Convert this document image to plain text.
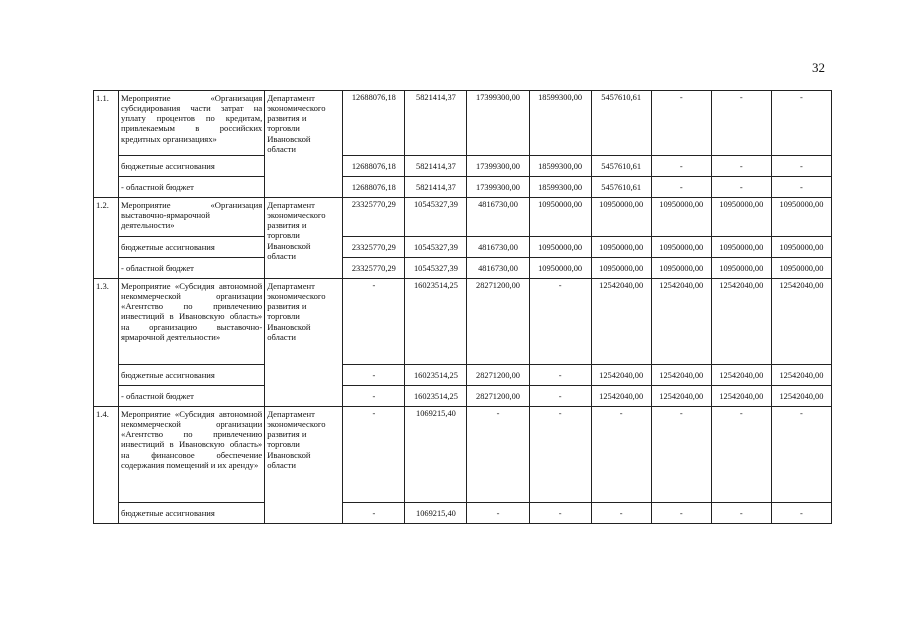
32
1.1.	Мероприятие «Организация субсидирования части затрат на уплату процентов по кредитам, привлекаемым в российских кредитных организациях»	Департамент экономического развития и торговли Ивановской области	12688076,18	5821414,37	17399300,00	18599300,00	5457610,61	-	-	-
	бюджетные ассигнования		12688076,18	5821414,37	17399300,00	18599300,00	5457610,61	-	-	-
	- областной бюджет		12688076,18	5821414,37	17399300,00	18599300,00	5457610,61	-	-	-
1.2.	Мероприятие «Организация выставочно-ярмарочной деятельности»	Департамент экономического развития и торговли Ивановской области	23325770,29	10545327,39	4816730,00	10950000,00	10950000,00	10950000,00	10950000,00	10950000,00
	бюджетные ассигнования		23325770,29	10545327,39	4816730,00	10950000,00	10950000,00	10950000,00	10950000,00	10950000,00
	- областной бюджет		23325770,29	10545327,39	4816730,00	10950000,00	10950000,00	10950000,00	10950000,00	10950000,00
1.3.	Мероприятие «Субсидия автономной некоммерческой организации «Агентство по привлечению инвестиций в Ивановскую область» на организацию выставочно-ярмарочной деятельности»	Департамент экономического развития и торговли Ивановской области	-	16023514,25	28271200,00	-	12542040,00	12542040,00	12542040,00	12542040,00
	бюджетные ассигнования		-	16023514,25	28271200,00	-	12542040,00	12542040,00	12542040,00	12542040,00
	- областной бюджет		-	16023514,25	28271200,00	-	12542040,00	12542040,00	12542040,00	12542040,00
1.4.	Мероприятие «Субсидия автономной некоммерческой организации «Агентство по привлечению инвестиций в Ивановскую область» на финансовое обеспечение содержания помещений и их аренду»	Департамент экономического развития и торговли Ивановской области	-	1069215,40	-	-	-	-	-	-
	бюджетные ассигнования		-	1069215,40	-	-	-	-	-	-
